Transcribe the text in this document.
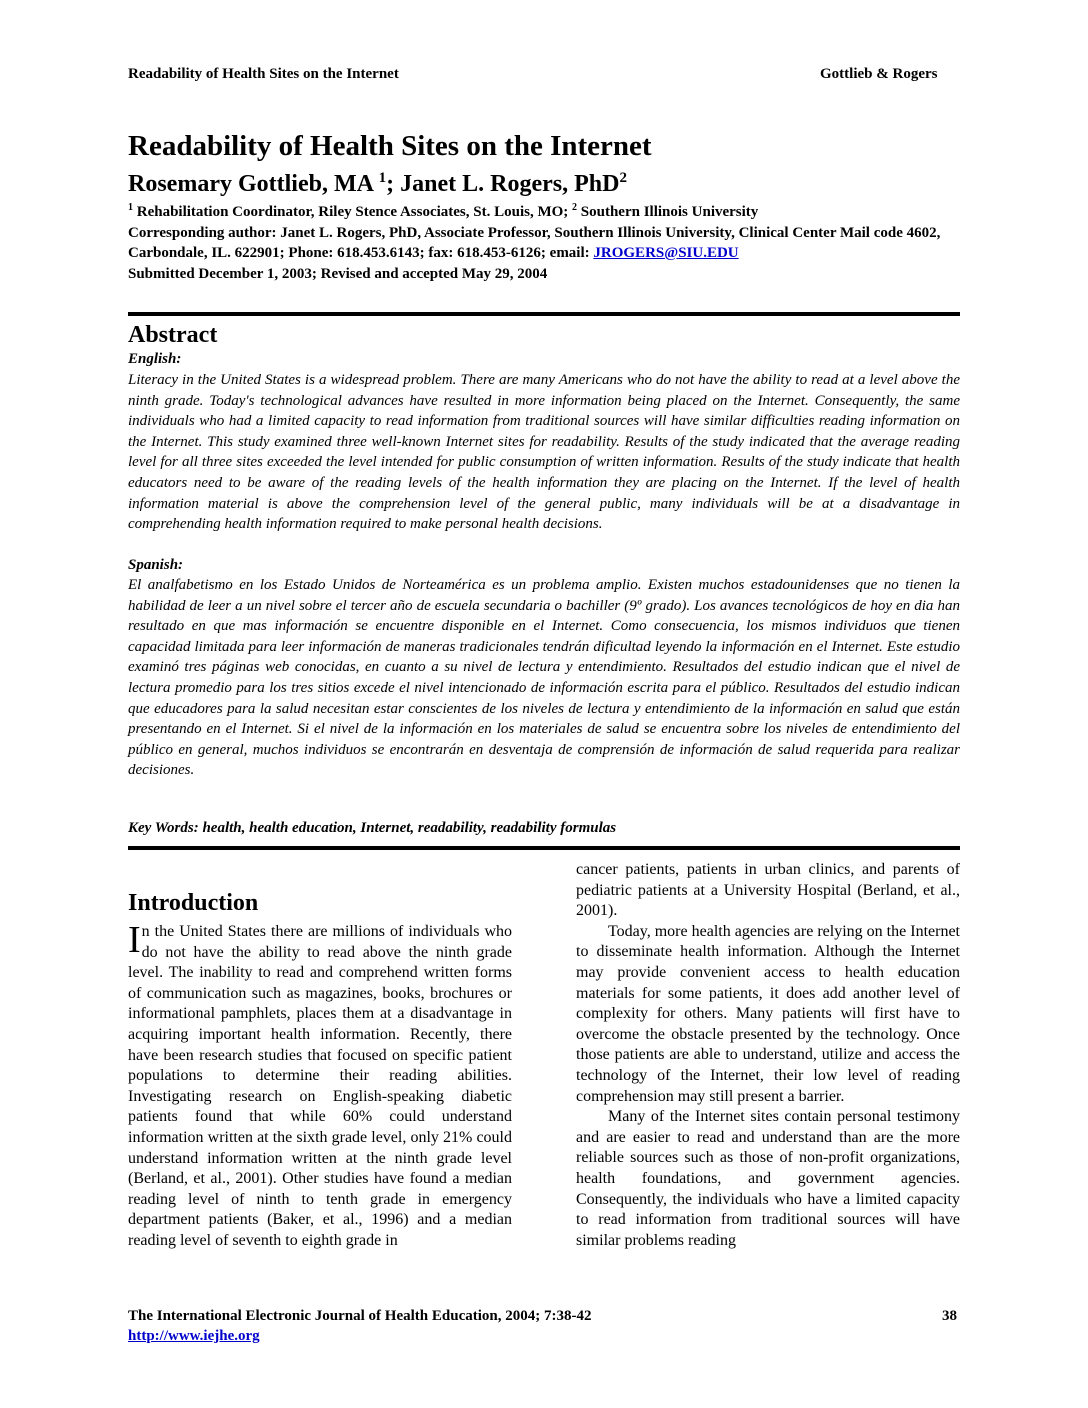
Readability of Health Sites on the Internet	Gottlieb & Rogers
Readability of Health Sites on the Internet
Rosemary Gottlieb, MA $^1$; Janet L. Rogers, PhD$^2$
$^1$ Rehabilitation Coordinator, Riley Stence Associates, St. Louis, MO; $^2$ Southern Illinois University
Corresponding author: Janet L. Rogers, PhD, Associate Professor, Southern Illinois University, Clinical Center Mail code 4602, Carbondale, IL. 622901; Phone: 618.453.6143; fax: 618.453-6126; email: JROGERS@SIU.EDU
Submitted December 1, 2003; Revised and accepted May 29, 2004
Abstract
English:

Literacy in the United States is a widespread problem. There are many Americans who do not have the ability to read at a level above the ninth grade. Today's technological advances have resulted in more information being placed on the Internet. Consequently, the same individuals who had a limited capacity to read information from traditional sources will have similar difficulties reading information on the Internet. This study examined three well-known Internet sites for readability. Results of the study indicated that the average reading level for all three sites exceeded the level intended for public consumption of written information. Results of the study indicate that health educators need to be aware of the reading levels of the health information they are placing on the Internet. If the level of health information material is above the comprehension level of the general public, many individuals will be at a disadvantage in comprehending health information required to make personal health decisions.

Spanish:

El analfabetismo en los Estado Unidos de Norteamérica es un problema amplio. Existen muchos estadounidenses que no tienen la habilidad de leer a un nivel sobre el tercer año de escuela secundaria o bachiller (9º grado). Los avances tecnológicos de hoy en dia han resultado en que mas información se encuentre disponible en el Internet. Como consecuencia, los mismos individuos que tienen capacidad limitada para leer información de maneras tradicionales tendrán dificultad leyendo la información en el Internet. Este estudio examinó tres páginas web conocidas, en cuanto a su nivel de lectura y entendimiento. Resultados del estudio indican que el nivel de lectura promedio para los tres sitios excede el nivel intencionado de información escrita para el público. Resultados del estudio indican que educadores para la salud necesitan estar conscientes de los niveles de lectura y entendimiento de la información en salud que están presentando en el Internet. Si el nivel de la información en los materiales de salud se encuentra sobre los niveles de entendimiento del público en general, muchos individuos se encontrarán en desventaja de comprensión de información de salud requerida para realizar decisiones.

Key Words: health, health education, Internet, readability, readability formulas
Introduction

In the United States there are millions of individuals who do not have the ability to read above the ninth grade level. The inability to read and comprehend written forms of communication such as magazines, books, brochures or informational pamphlets, places them at a disadvantage in acquiring important health information. Recently, there have been research studies that focused on specific patient populations to determine their reading abilities. Investigating research on English-speaking diabetic patients found that while 60% could understand information written at the sixth grade level, only 21% could understand information written at the ninth grade level (Berland, et al., 2001). Other studies have found a median reading level of ninth to tenth grade in emergency department patients (Baker, et al., 1996) and a median reading level of seventh to eighth grade in

cancer patients, patients in urban clinics, and parents of pediatric patients at a University Hospital (Berland, et al., 2001).

Today, more health agencies are relying on the Internet to disseminate health information. Although the Internet may provide convenient access to health education materials for some patients, it does add another level of complexity for others. Many patients will first have to overcome the obstacle presented by the technology. Once those patients are able to understand, utilize and access the technology of the Internet, their low level of reading comprehension may still present a barrier.

Many of the Internet sites contain personal testimony and are easier to read and understand than are the more reliable sources such as those of non-profit organizations, health foundations, and government agencies. Consequently, the individuals who have a limited capacity to read information from traditional sources will have similar problems reading

The International Electronic Journal of Health Education, 2004; 7:38-42
http://www.iejhe.org
38
